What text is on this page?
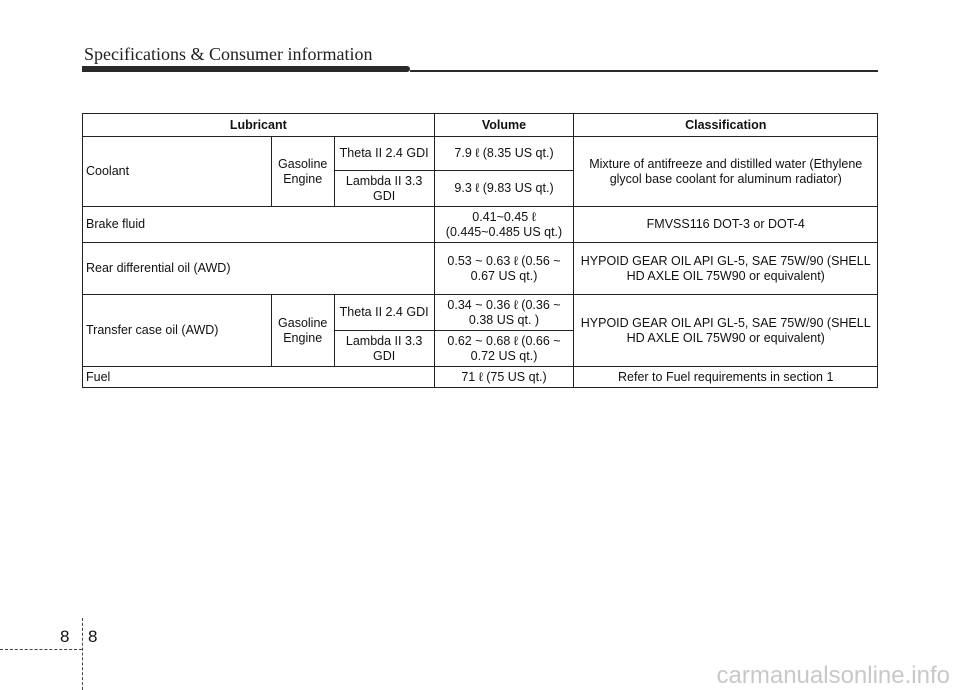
Specifications & Consumer information
Lubricant			Volume	Classification
Coolant	Gasoline Engine	Theta II 2.4 GDI	7.9 ℓ (8.35 US qt.)	Mixture of antifreeze and distilled water (Ethylene glycol base coolant for aluminum radiator)
		Lambda II 3.3 GDI	9.3 ℓ (9.83 US qt.)	
Brake fluid			0.41~0.45 ℓ (0.445~0.485 US qt.)	FMVSS116 DOT-3 or DOT-4
Rear differential oil (AWD)			0.53 ~ 0.63 ℓ (0.56 ~ 0.67 US qt.)	HYPOID GEAR OIL API GL-5, SAE 75W/90 (SHELL HD AXLE OIL 75W90 or equivalent)
Transfer case oil (AWD)	Gasoline Engine	Theta II 2.4 GDI	0.34 ~ 0.36 ℓ (0.36 ~ 0.38 US qt. )	HYPOID GEAR OIL API GL-5, SAE 75W/90 (SHELL HD AXLE OIL 75W90 or equivalent)
		Lambda II 3.3 GDI	0.62 ~ 0.68 ℓ (0.66 ~ 0.72 US qt.)	
Fuel			71 ℓ (75 US qt.)	Refer to Fuel requirements in section 1
8 8
carmanualsonline.info
